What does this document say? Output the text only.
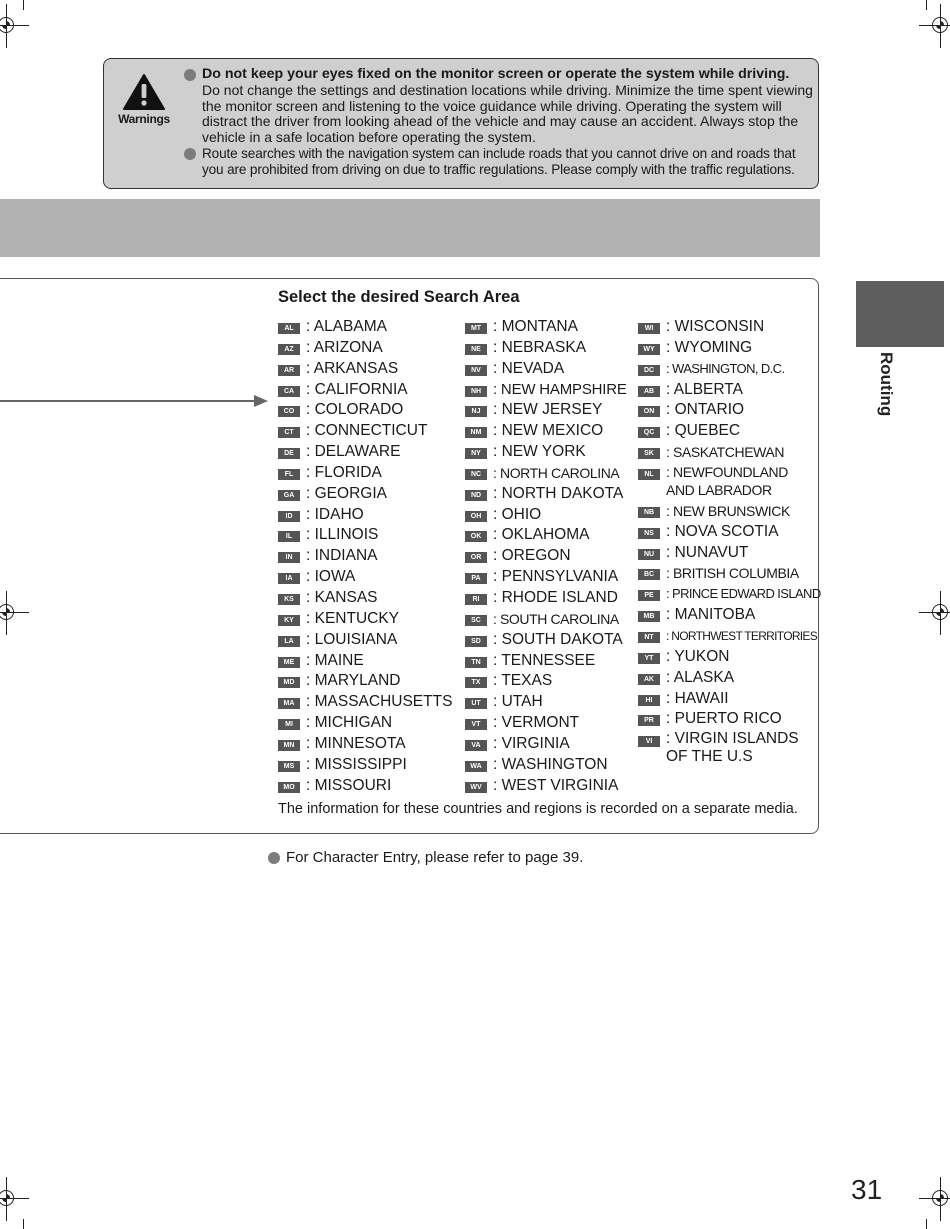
Warnings
Do not keep your eyes fixed on the monitor screen or operate the system while driving.
Do not change the settings and destination locations while driving. Minimize the time spent viewing the monitor screen and listening to the voice guidance while driving. Operating the system will distract the driver from looking ahead of the vehicle and may cause an accident. Always stop the vehicle in a safe location before operating the system.
Route searches with the navigation system can include roads that you cannot drive on and roads that you are prohibited from driving on due to traffic regulations. Please comply with the traffic regulations.
Routing
Select the desired Search Area
AL : ALABAMA
AZ : ARIZONA
AR : ARKANSAS
CA : CALIFORNIA
CO : COLORADO
CT : CONNECTICUT
DE : DELAWARE
FL : FLORIDA
GA : GEORGIA
ID : IDAHO
IL : ILLINOIS
IN : INDIANA
IA : IOWA
KS : KANSAS
KY : KENTUCKY
LA : LOUISIANA
ME : MAINE
MD : MARYLAND
MA : MASSACHUSETTS
MI : MICHIGAN
MN : MINNESOTA
MS : MISSISSIPPI
MO : MISSOURI
MT : MONTANA
NE : NEBRASKA
NV : NEVADA
NH : NEW HAMPSHIRE
NJ : NEW JERSEY
NM : NEW MEXICO
NY : NEW YORK
NC : NORTH CAROLINA
ND : NORTH DAKOTA
OH : OHIO
OK : OKLAHOMA
OR : OREGON
PA : PENNSYLVANIA
RI : RHODE ISLAND
SC : SOUTH CAROLINA
SD : SOUTH DAKOTA
TN : TENNESSEE
TX : TEXAS
UT : UTAH
VT : VERMONT
VA : VIRGINIA
WA : WASHINGTON
WV : WEST VIRGINIA
WI : WISCONSIN
WY : WYOMING
DC : WASHINGTON, D.C.
AB : ALBERTA
ON : ONTARIO
QC : QUEBEC
SK : SASKATCHEWAN
NL : NEWFOUNDLAND AND LABRADOR
NB : NEW BRUNSWICK
NS : NOVA SCOTIA
NU : NUNAVUT
BC : BRITISH COLUMBIA
PE : PRINCE EDWARD ISLAND
MB : MANITOBA
NT	: NORTHWEST TERRITORIES
YT : YUKON
AK : ALASKA
HI : HAWAII
PR : PUERTO RICO
VI : VIRGIN ISLANDS OF THE U.S
The information for these countries and regions is recorded on a separate media.
For Character Entry, please refer to page 39.
31
